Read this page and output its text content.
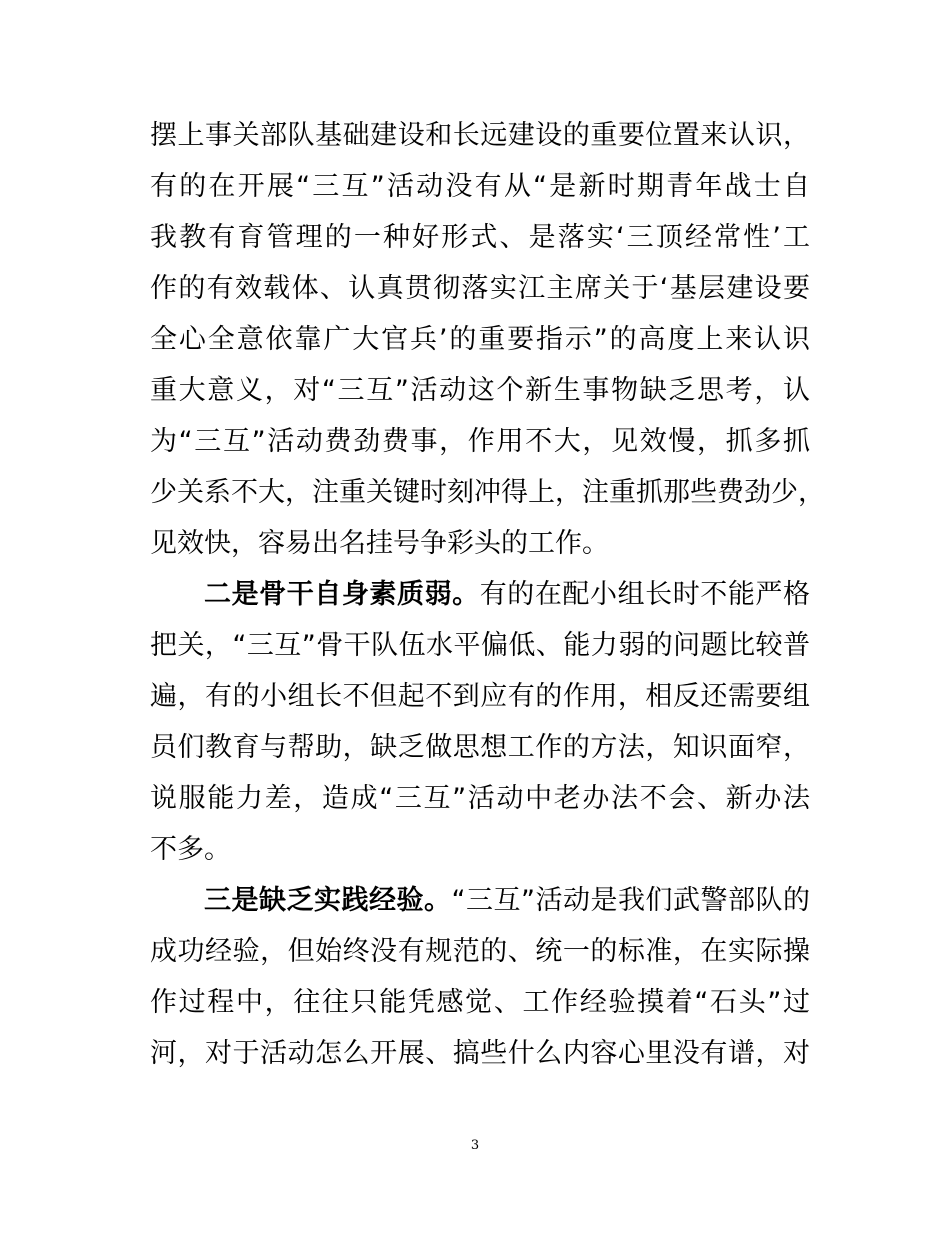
摆上事关部队基础建设和长远建设的重要位置来认识，
有的在开展“三互”活动没有从“是新时期青年战士自
我教有育管理的一种好形式、是落实‘三顶经常性’工
作的有效载体、认真贯彻落实江主席关于‘基层建设要
全心全意依靠广大官兵’的重要指示”的高度上来认识
重大意义，对“三互”活动这个新生事物缺乏思考，认
为“三互”活动费劲费事，作用不大，见效慢，抓多抓
少关系不大，注重关键时刻冲得上，注重抓那些费劲少，
见效快，容易出名挂号争彩头的工作。
二是骨干自身素质弱。有的在配小组长时不能严格
把关，“三互”骨干队伍水平偏低、能力弱的问题比较普
遍，有的小组长不但起不到应有的作用，相反还需要组
员们教育与帮助，缺乏做思想工作的方法，知识面窄，
说服能力差，造成“三互”活动中老办法不会、新办法
不多。
三是缺乏实践经验。“三互”活动是我们武警部队的
成功经验，但始终没有规范的、统一的标准，在实际操
作过程中，往往只能凭感觉、工作经验摸着“石头”过
河，对于活动怎么开展、搞些什么内容心里没有谱，对
3
